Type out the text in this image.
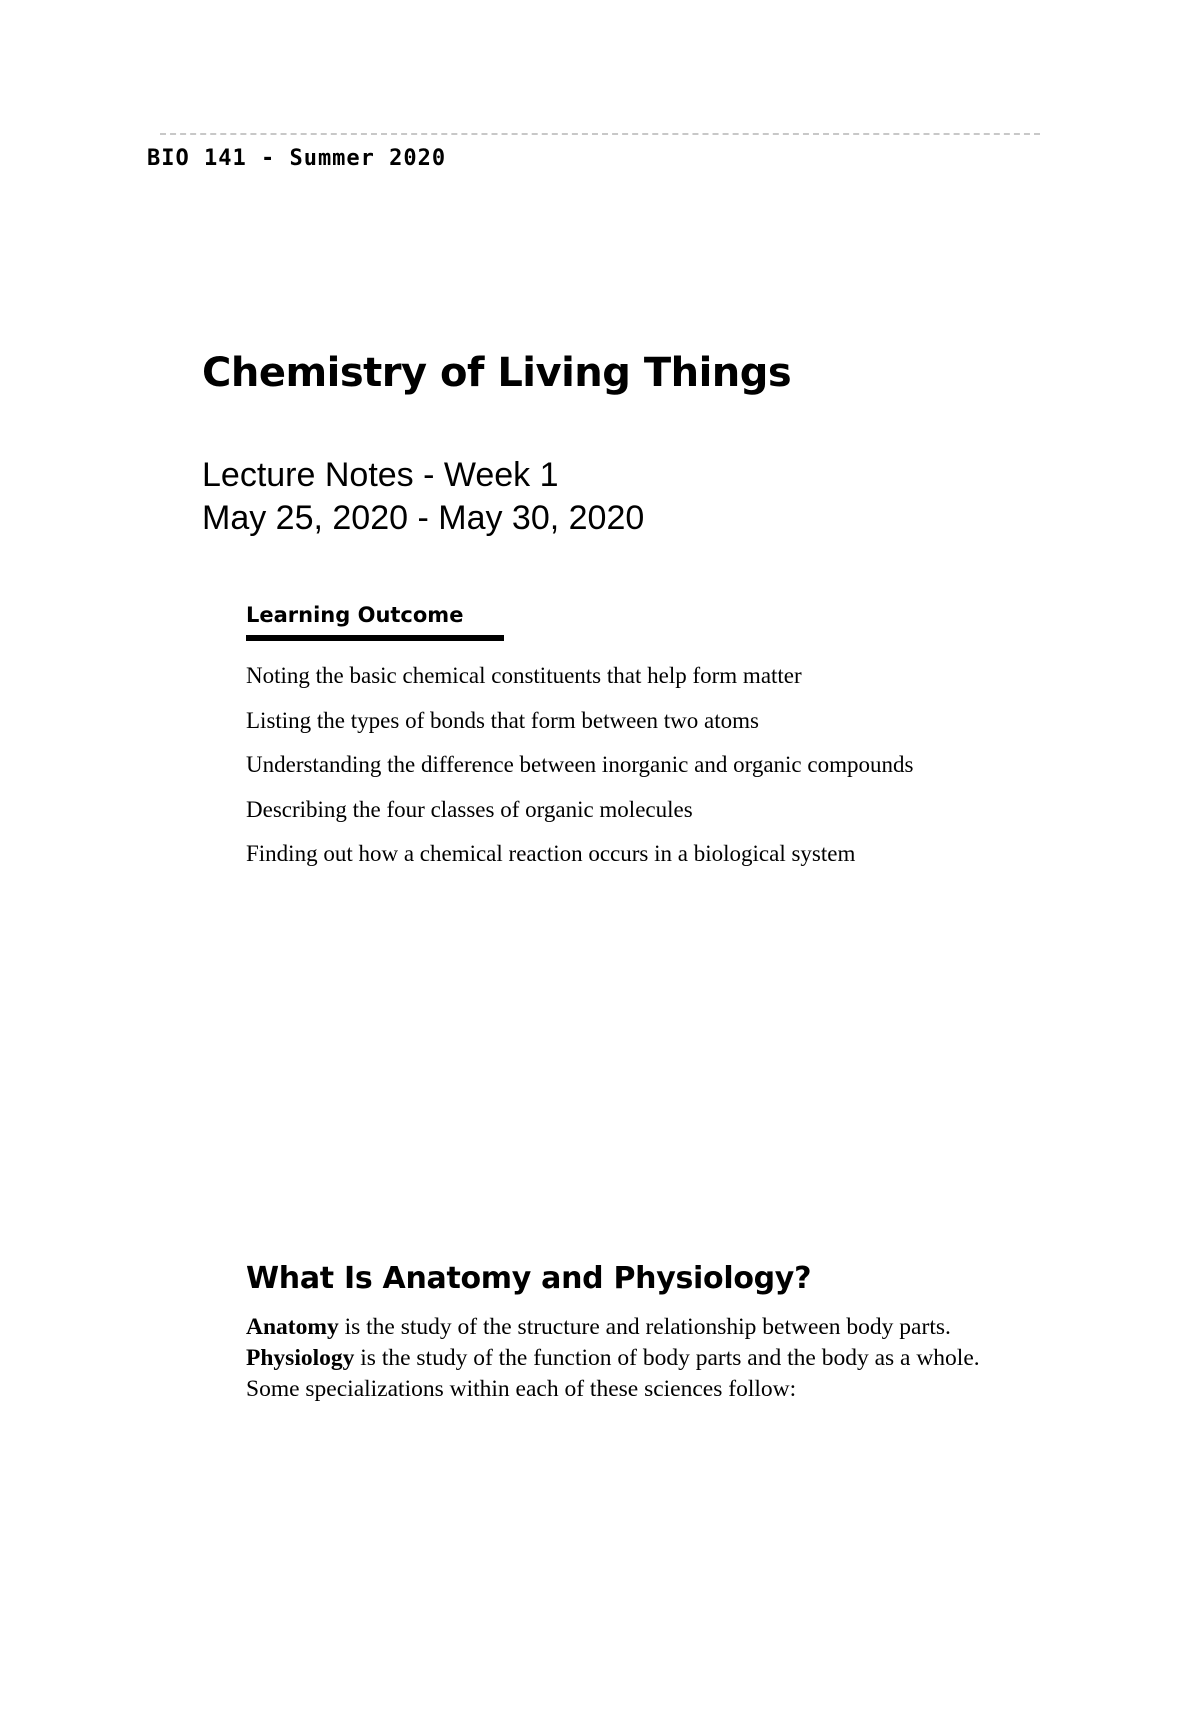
BIO 141 - Summer 2020
Chemistry of Living Things
Lecture Notes - Week 1
May 25, 2020 - May 30, 2020
Learning Outcome
Noting the basic chemical constituents that help form matter
Listing the types of bonds that form between two atoms
Understanding the difference between inorganic and organic compounds
Describing the four classes of organic molecules
Finding out how a chemical reaction occurs in a biological system
What Is Anatomy and Physiology?

Anatomy is the study of the structure and relationship between body parts. Physiology is the study of the function of body parts and the body as a whole. Some specializations within each of these sciences follow:
